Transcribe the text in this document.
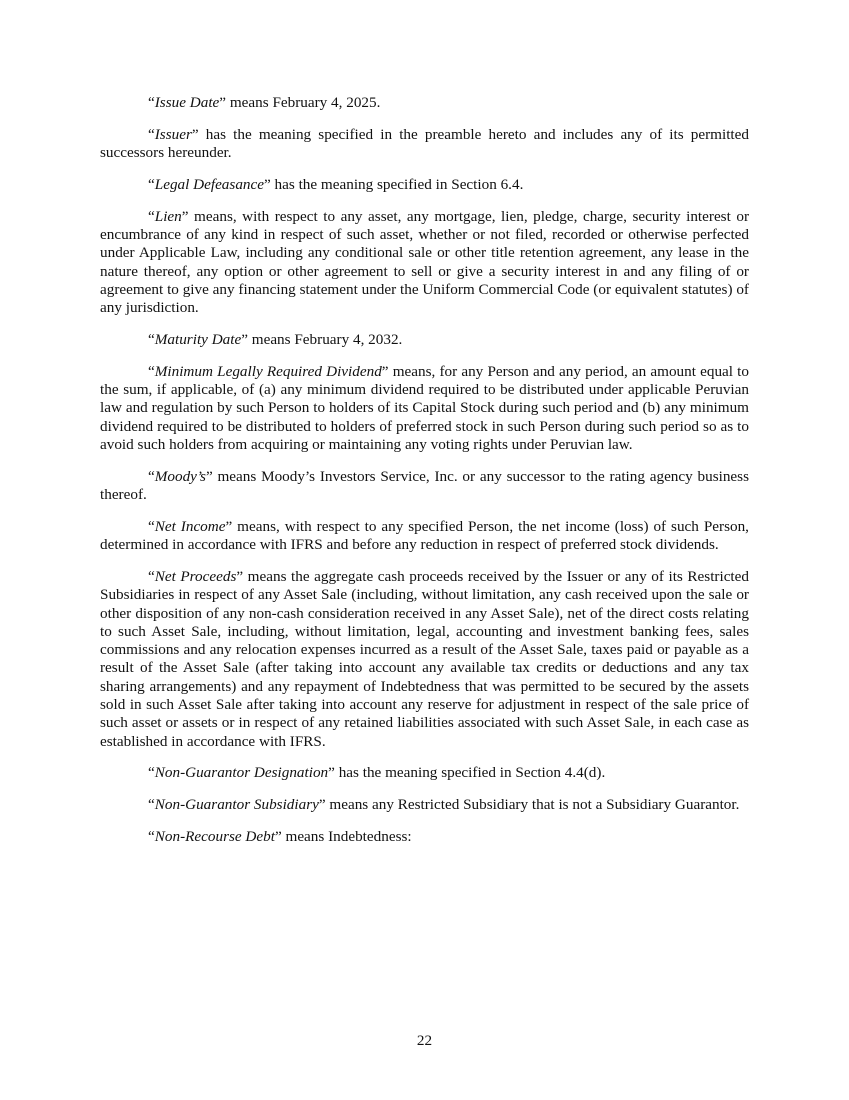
“Issue Date” means February 4, 2025.

“Issuer” has the meaning specified in the preamble hereto and includes any of its permitted successors hereunder.

“Legal Defeasance” has the meaning specified in Section 6.4.

“Lien” means, with respect to any asset, any mortgage, lien, pledge, charge, security interest or encumbrance of any kind in respect of such asset, whether or not filed, recorded or otherwise perfected under Applicable Law, including any conditional sale or other title retention agreement, any lease in the nature thereof, any option or other agreement to sell or give a security interest in and any filing of or agreement to give any financing statement under the Uniform Commercial Code (or equivalent statutes) of any jurisdiction.

“Maturity Date” means February 4, 2032.

“Minimum Legally Required Dividend” means, for any Person and any period, an amount equal to the sum, if applicable, of (a) any minimum dividend required to be distributed under applicable Peruvian law and regulation by such Person to holders of its Capital Stock during such period and (b) any minimum dividend required to be distributed to holders of preferred stock in such Person during such period so as to avoid such holders from acquiring or maintaining any voting rights under Peruvian law.

“Moody’s” means Moody’s Investors Service, Inc. or any successor to the rating agency business thereof.

“Net Income” means, with respect to any specified Person, the net income (loss) of such Person, determined in accordance with IFRS and before any reduction in respect of preferred stock dividends.

“Net Proceeds” means the aggregate cash proceeds received by the Issuer or any of its Restricted Subsidiaries in respect of any Asset Sale (including, without limitation, any cash received upon the sale or other disposition of any non-cash consideration received in any Asset Sale), net of the direct costs relating to such Asset Sale, including, without limitation, legal, accounting and investment banking fees, sales commissions and any relocation expenses incurred as a result of the Asset Sale, taxes paid or payable as a result of the Asset Sale (after taking into account any available tax credits or deductions and any tax sharing arrangements) and any repayment of Indebtedness that was permitted to be secured by the assets sold in such Asset Sale after taking into account any reserve for adjustment in respect of the sale price of such asset or assets or in respect of any retained liabilities associated with such Asset Sale, in each case as established in accordance with IFRS.

“Non-Guarantor Designation” has the meaning specified in Section 4.4(d).

“Non-Guarantor Subsidiary” means any Restricted Subsidiary that is not a Subsidiary Guarantor.

“Non-Recourse Debt” means Indebtedness:

22
